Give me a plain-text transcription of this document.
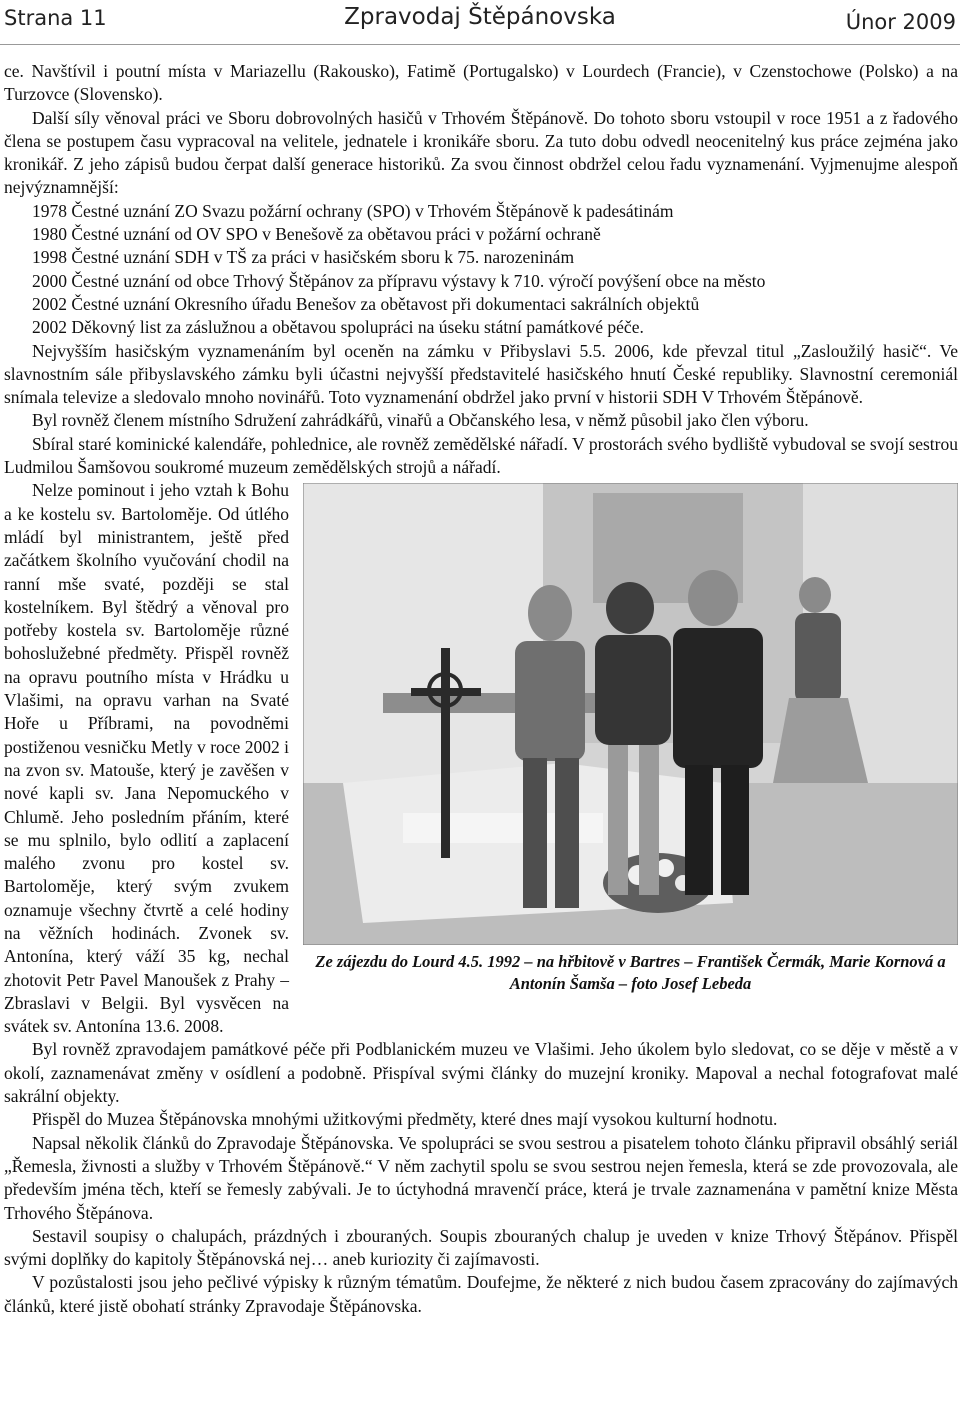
Strana 11	Zpravodaj Štěpánovska	Únor 2009

ce. Navštívil i poutní místa v Mariazellu (Rakousko), Fatimě (Portugalsko) v Lourdech (Francie), v Czenstochowe (Polsko) a na Turzovce (Slovensko).

Další síly věnoval práci ve Sboru dobrovolných hasičů v Trhovém Štěpánově. Do tohoto sboru vstoupil v roce 1951 a z řadového člena se postupem času vypracoval na velitele, jednatele i kronikáře sboru. Za tuto dobu odvedl neocenitelný kus práce zejména jako kronikář. Z jeho zápisů budou čerpat další generace historiků. Za svou činnost obdržel celou řadu vyznamenání. Vyjmenujme alespoň nejvýznamnější:

1978 Čestné uznání ZO Svazu požární ochrany (SPO) v Trhovém Štěpánově k padesátinám

1980 Čestné uznání od OV SPO v Benešově za obětavou práci v požární ochraně

1998 Čestné uznání SDH v TŠ za práci v hasičském sboru k 75. narozeninám

2000 Čestné uznání od obce Trhový Štěpánov za přípravu výstavy k 710. výročí povýšení obce na město

2002 Čestné uznání Okresního úřadu Benešov za obětavost při dokumentaci sakrálních objektů

2002 Děkovný list za záslužnou a obětavou spolupráci na úseku státní památkové péče.

Nejvyšším hasičským vyznamenáním byl oceněn na zámku v Přibyslavi 5.5. 2006, kde převzal titul „Zasloužilý hasič“. Ve slavnostním sále přibyslavského zámku byli účastni nejvyšší představitelé hasičského hnutí České republiky. Slavnostní ceremoniál snímala televize a sledovalo mnoho novinářů. Toto vyznamenání obdržel jako první v historii SDH V Trhovém Štěpánově.

Byl rovněž členem místního Sdružení zahrádkářů, vinařů a Občanského lesa, v němž působil jako člen výboru.

Sbíral staré kominické kalendáře, pohlednice, ale rovněž zemědělské nářadí. V prostorách svého bydliště vybudoval se svojí sestrou Ludmilou Šamšovou soukromé muzeum zemědělských strojů a nářadí.

Ze zájezdu do Lourd 4.5. 1992 – na hřbitově v Bartres – František Čermák, Marie Kornová a Antonín Šamša – foto Josef Lebeda

Nelze pominout i jeho vztah k Bohu a ke kostelu sv. Bartoloměje. Od útlého mládí byl ministrantem, ještě před začátkem školního vyučování chodil na ranní mše svaté, později se stal kostelníkem. Byl štědrý a věnoval pro potřeby kostela sv. Bartoloměje různé bohoslužebné předměty. Přispěl rovněž na opravu poutního místa v Hrádku u Vlašimi, na opravu varhan na Svaté Hoře u Příbrami, na povodněmi postiženou vesničku Metly v roce 2002 i na zvon sv. Matouše, který je zavěšen v nové kapli sv. Jana Nepomuckého v Chlumě. Jeho posledním přáním, které se mu splnilo, bylo odlití a zaplacení malého zvonu pro kostel sv. Bartoloměje, který svým zvukem oznamuje všechny čtvrtě a celé hodiny na věžních hodinách. Zvonek sv. Antonína, který váží 35 kg, nechal zhotovit Petr Pavel Manoušek z Prahy – Zbraslavi v Belgii. Byl vysvěcen na svátek sv. Antonína 13.6. 2008.

Byl rovněž zpravodajem památkové péče při Podblanickém muzeu ve Vlašimi. Jeho úkolem bylo sledovat, co se děje v městě a v okolí, zaznamenávat změny v osídlení a podobně. Přispíval svými články do muzejní kroniky. Mapoval a nechal fotografovat malé sakrální objekty.

Přispěl do Muzea Štěpánovska mnohými užitkovými předměty, které dnes mají vysokou kulturní hodnotu.

Napsal několik článků do Zpravodaje Štěpánovska. Ve spolupráci se svou sestrou a pisatelem tohoto článku připravil obsáhlý seriál „Řemesla, živnosti a služby v Trhovém Štěpánově.“ V něm zachytil spolu se svou sestrou nejen řemesla, která se zde provozovala, ale především jména těch, kteří se řemesly zabývali. Je to úctyhodná mravenčí práce, která je trvale zaznamenána v pamětní knize Města Trhového Štěpánova.

Sestavil soupisy o chalupách, prázdných i zbouraných. Soupis zbouraných chalup je uveden v knize Trhový Štěpánov. Přispěl svými doplňky do kapitoly Štěpánovská nej… aneb kuriozity či zajímavosti.

V pozůstalosti jsou jeho pečlivé výpisky k různým tématům. Doufejme, že některé z nich budou časem zpracovány do zajímavých článků, které jistě obohatí stránky Zpravodaje Štěpánovska.
